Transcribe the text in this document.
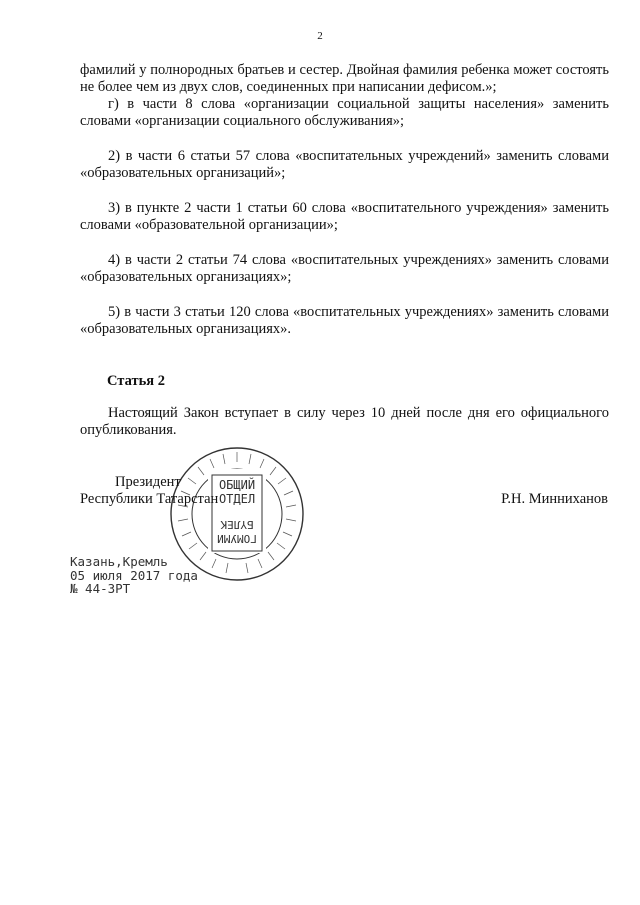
2

фамилий у полнородных братьев и сестер. Двойная фамилия ребенка может состоять не более чем из двух слов, соединенных при написании дефисом.»;

г) в части 8 слова «организации социальной защиты населения» заменить словами «организации социального обслуживания»;

2) в части 6 статьи 57 слова «воспитательных учреждений» заменить словами «образовательных организаций»;

3) в пункте 2 части 1 статьи 60 слова «воспитательного учреждения» заменить словами «образовательной организации»;

4) в части 2 статьи 74 слова «воспитательных учреждениях» заменить словами «образовательных организациях»;

5) в части 3 статьи 120 слова «воспитательных учреждениях» заменить словами «образовательных организациях».

Статья 2

Настоящий Закон вступает в силу через 10 дней после дня его официального опубликования.

ОБЩИЙ
ОТДЕЛ
БҮЛЕК
ГОМУМИ
Президент
Республики Татарстан	Р.Н. Минниханов
Казань,Кремль
05 июля 2017 года
№ 44-ЗРТ
